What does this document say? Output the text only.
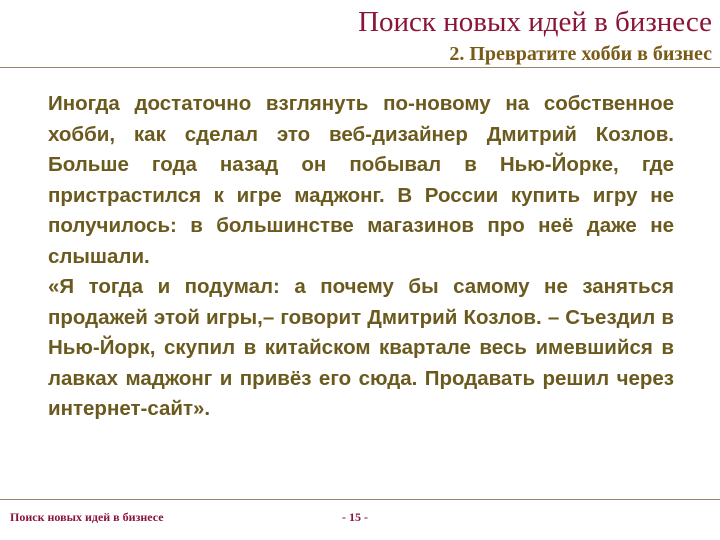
Поиск новых идей в бизнесе
2. Превратите хобби в бизнес

Иногда достаточно взглянуть по-новому на собственное хобби, как сделал это веб-дизайнер Дмитрий Козлов. Больше года назад он побывал в Нью-Йорке, где пристрастился к игре маджонг. В России купить игру не получилось: в большинстве магазинов про неё даже не слышали.

«Я тогда и подумал: а почему бы самому не заняться продажей этой игры,– говорит Дмитрий Козлов. – Съездил в Нью-Йорк, скупил в китайском квартале весь имевшийся в лавках маджонг и привёз его сюда. Продавать решил через интернет-сайт».

Поиск новых идей в бизнесе	- 15 -
